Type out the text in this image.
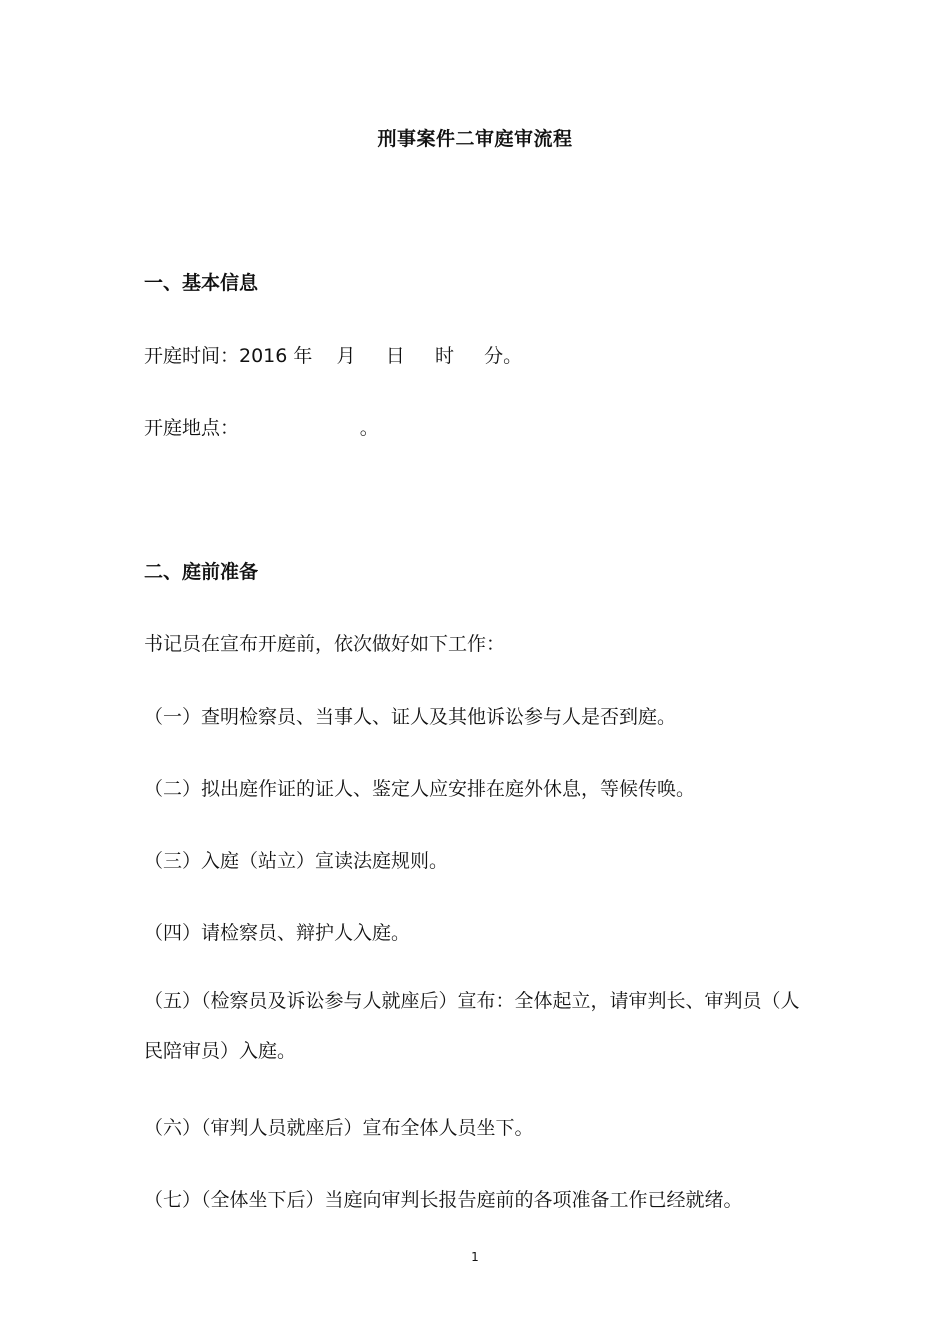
刑事案件二审庭审流程
一、基本信息
开庭时间：2016 年    月     日     时     分。
开庭地点：                    。
二、庭前准备
书记员在宣布开庭前，依次做好如下工作：
（一）查明检察员、当事人、证人及其他诉讼参与人是否到庭。
（二）拟出庭作证的证人、鉴定人应安排在庭外休息，等候传唤。
（三）入庭（站立）宣读法庭规则。
（四）请检察员、辩护人入庭。
（五）（检察员及诉讼参与人就座后）宣布：全体起立，请审判长、审判员（人民陪审员）入庭。
（六）（审判人员就座后）宣布全体人员坐下。
（七）（全体坐下后）当庭向审判长报告庭前的各项准备工作已经就绪。
1
